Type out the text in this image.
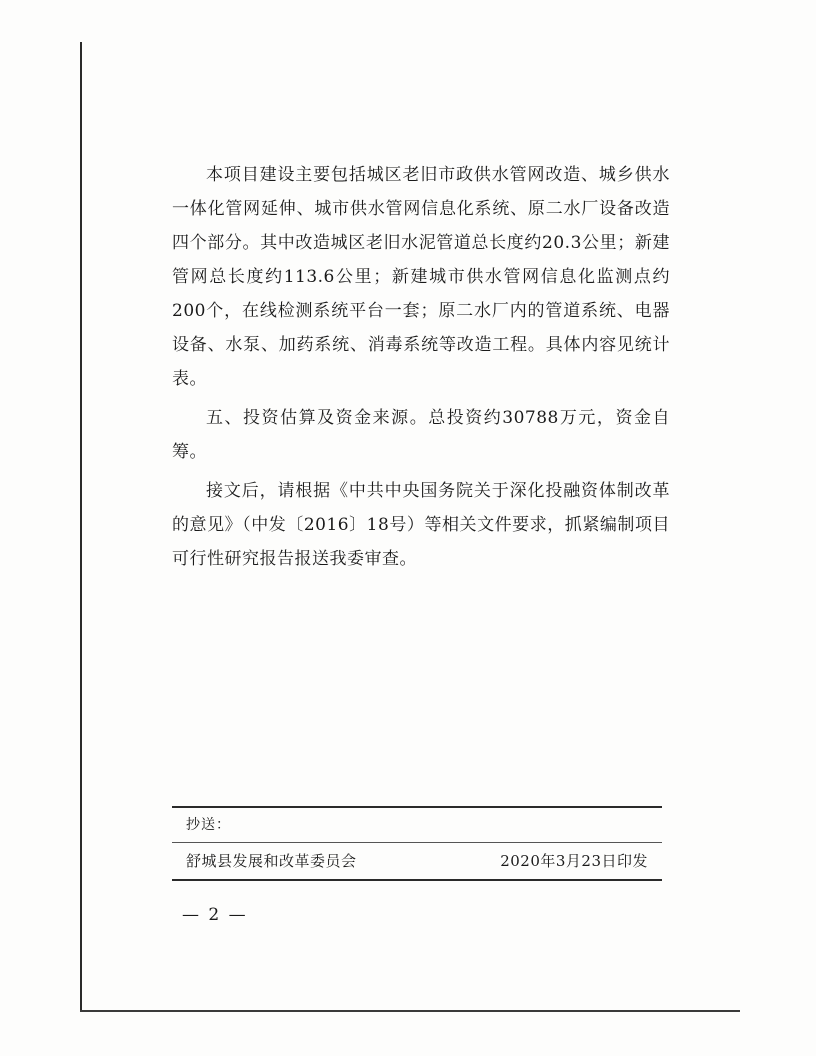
本项目建设主要包括城区老旧市政供水管网改造、城乡供水一体化管网延伸、城市供水管网信息化系统、原二水厂设备改造四个部分。其中改造城区老旧水泥管道总长度约20.3公里；新建管网总长度约113.6公里；新建城市供水管网信息化监测点约200个，在线检测系统平台一套；原二水厂内的管道系统、电器设备、水泵、加药系统、消毒系统等改造工程。具体内容见统计表。

五、投资估算及资金来源。总投资约30788万元，资金自筹。

接文后，请根据《中共中央国务院关于深化投融资体制改革的意见》（中发〔2016〕18号）等相关文件要求，抓紧编制项目可行性研究报告报送我委审查。

抄送：
舒城县发展和改革委员会	2020年3月23日印发
— 2 —
